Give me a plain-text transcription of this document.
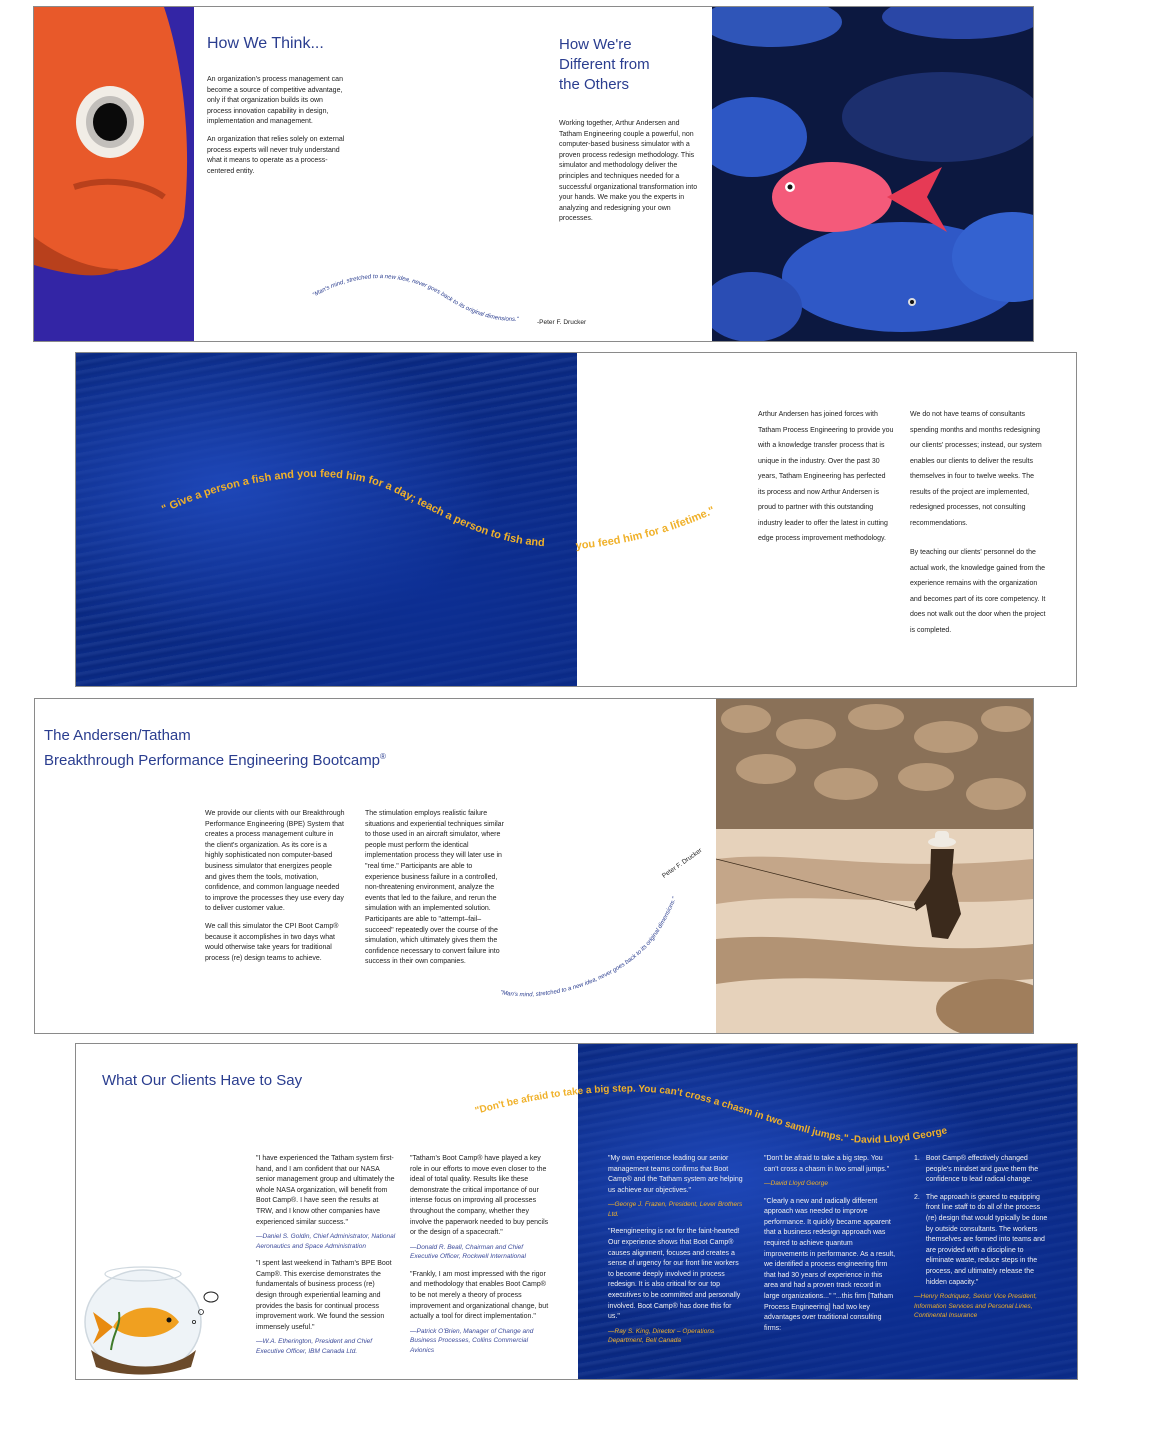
How We Think...

An organization's process management can become a source of competitive advantage, only if that organization builds its own process innovation capability in design, implementation and management.

An organization that relies solely on external process experts will never truly understand what it means to operate as a process-centered entity.

"Man's mind, stretched to a new idea, never goes back to its original dimensions."	-Peter F. Drucker
How We're
Different from
the Others

Working together, Arthur Andersen and Tatham Engineering couple a powerful, non computer-based business simulator with a proven process redesign methodology. This simulator and methodology deliver the principles and techniques needed for a successful organizational transformation into your hands. We make you the experts in analyzing and redesigning your own processes.

" Give a person a fish and you feed him for a day; teach a person to fish and	you feed him for a lifetime."

Arthur Andersen has joined forces with Tatham Process Engineering to provide you with a knowledge transfer process that is unique in the industry. Over the past 30 years, Tatham Engineering has perfected its process and now Arthur Andersen is proud to partner with this outstanding industry leader to offer the latest in cutting edge process improvement methodology.

We do not have teams of consultants spending months and months redesigning our clients' processes; instead, our system enables our clients to deliver the results themselves in four to twelve weeks. The results of the project are implemented, redesigned processes, not consulting recommendations.

By teaching our clients' personnel do the actual work, the knowledge gained from the experience remains with the organization and becomes part of its core competency. It does not walk out the door when the project is completed.

The Andersen/Tatham
Breakthrough Performance Engineering Bootcamp®

We provide our clients with our Breakthrough Performance Engineering (BPE) System that creates a process management culture in the client's organization. As its core is a highly sophisticated non computer-based business simulator that energizes people and gives them the tools, motivation, confidence, and common language needed to improve the processes they use every day to deliver customer value.

We call this simulator the CPI Boot Camp® because it accomplishes in two days what would otherwise take years for traditional process (re) design teams to achieve.

The stimulation employs realistic failure situations and experiential techniques similar to those used in an aircraft simulator, where people must perform the identical implementation process they will later use in "real time." Participants are able to experience business failure in a controlled, non-threatening environment, analyze the events that led to the failure, and rerun the simulation with an implemented solution. Participants are able to "attempt–fail–succeed" repeatedly over the course of the simulation, which ultimately gives them the confidence necessary to convert failure into success in their own companies.

"Man's mind, stretched to a new idea, never goes back to its original dimensions."
Peter F. Drucker
What Our Clients Have to Say
"Don't be afraid to take a big step. You can't cross a chasm in two samll jumps." -David Lloyd George

"I have experienced the Tatham system first-hand, and I am confident that our NASA senior management group and ultimately the whole NASA organization, will benefit from Boot Camp®. I have seen the results at TRW, and I know other companies have experienced similar success."

—Daniel S. Goldin, Chief Administrator, National Aeronautics and Space Administration

"I spent last weekend in Tatham's BPE Boot Camp®. This exercise demonstrates the fundamentals of business process (re) design through experiential learning and provides the basis for continual process improvement work. We found the session immensely useful."

—W.A. Etherington, President and Chief Executive Officer, IBM Canada Ltd.

"Tatham's Boot Camp® have played a key role in our efforts to move even closer to the ideal of total quality. Results like these demonstrate the critical importance of our intense focus on improving all processes throughout the company, whether they involve the paperwork needed to buy pencils or the design of a spacecraft."

—Donald R. Beall, Chairman and Chief Executive Officer, Rockwell International

"Frankly, I am most impressed with the rigor and methodology that enables Boot Camp® to be not merely a theory of process improvement and organizational change, but actually a tool for direct implementation."

—Patrick O'Brien, Manager of Change and Business Processes, Collins Commercial Avionics

"My own experience leading our senior management teams confirms that Boot Camp® and the Tatham system are helping us achieve our objectives."

—George J. Frazen, President, Lever Brothers Ltd.

"Reengineering is not for the faint-hearted! Our experience shows that Boot Camp® causes alignment, focuses and creates a sense of urgency for our front line workers to become deeply involved in process redesign. It is also critical for our top executives to be committed and personally involved. Boot Camp® has done this for us."

—Ray S. King, Director – Operations Department, Bell Canada

"Don't be afraid to take a big step. You can't cross a chasm in two small jumps."

—David Lloyd George

"Clearly a new and radically different approach was needed to improve performance. It quickly became apparent that a business redesign approach was required to achieve quantum improvements in performance. As a result, we identified a process engineering firm that had 30 years of experience in this area and had a proven track record in large organizations..." "...this firm [Tatham Process Engineering] had two key advantages over traditional consulting firms:

1. Boot Camp® effectively changed people's mindset and gave them the confidence to lead radical change.

2. The approach is geared to equipping front line staff to do all of the process (re) design that would typically be done by outside consultants. The workers themselves are formed into teams and are provided with a discipline to eliminate waste, reduce steps in the process, and ultimately release the hidden capacity."

—Henry Rodriquez, Senior Vice President, Information Services and Personal Lines, Continental Insurance
